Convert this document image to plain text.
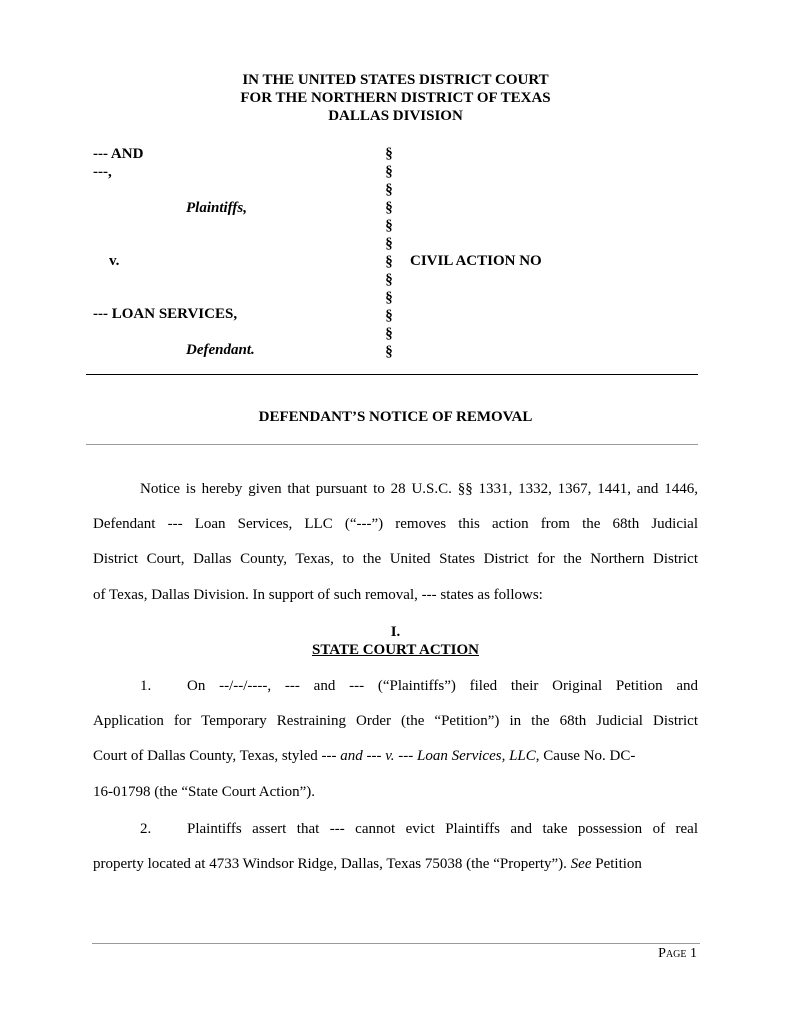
IN THE UNITED STATES DISTRICT COURT
FOR THE NORTHERN DISTRICT OF TEXAS
DALLAS DIVISION
--- AND
---,
Plaintiffs,
v.
--- LOAN SERVICES,
Defendant.
§
§
§
§
§
§
§
§
§
§
§
§
CIVIL ACTION NO
DEFENDANT’S NOTICE OF REMOVAL
Notice is hereby given that pursuant to 28 U.S.C. §§ 1331, 1332, 1367, 1441, and 1446,
Defendant --- Loan Services, LLC (“---”) removes this action from the 68th Judicial
District Court, Dallas County, Texas, to the United States District for the Northern District
of Texas, Dallas Division. In support of such removal, --- states as follows:
I.
STATE COURT ACTION
1. On --/--/----, --- and --- (“Plaintiffs”) filed their Original Petition and
Application for Temporary Restraining Order (the “Petition”) in the 68th Judicial District
Court of Dallas County, Texas, styled --- and --- v. --- Loan Services, LLC, Cause No. DC-
16-01798 (the “State Court Action”).
2. Plaintiffs assert that --- cannot evict Plaintiffs and take possession of real
property located at 4733 Windsor Ridge, Dallas, Texas 75038 (the “Property”). See Petition
Page 1
